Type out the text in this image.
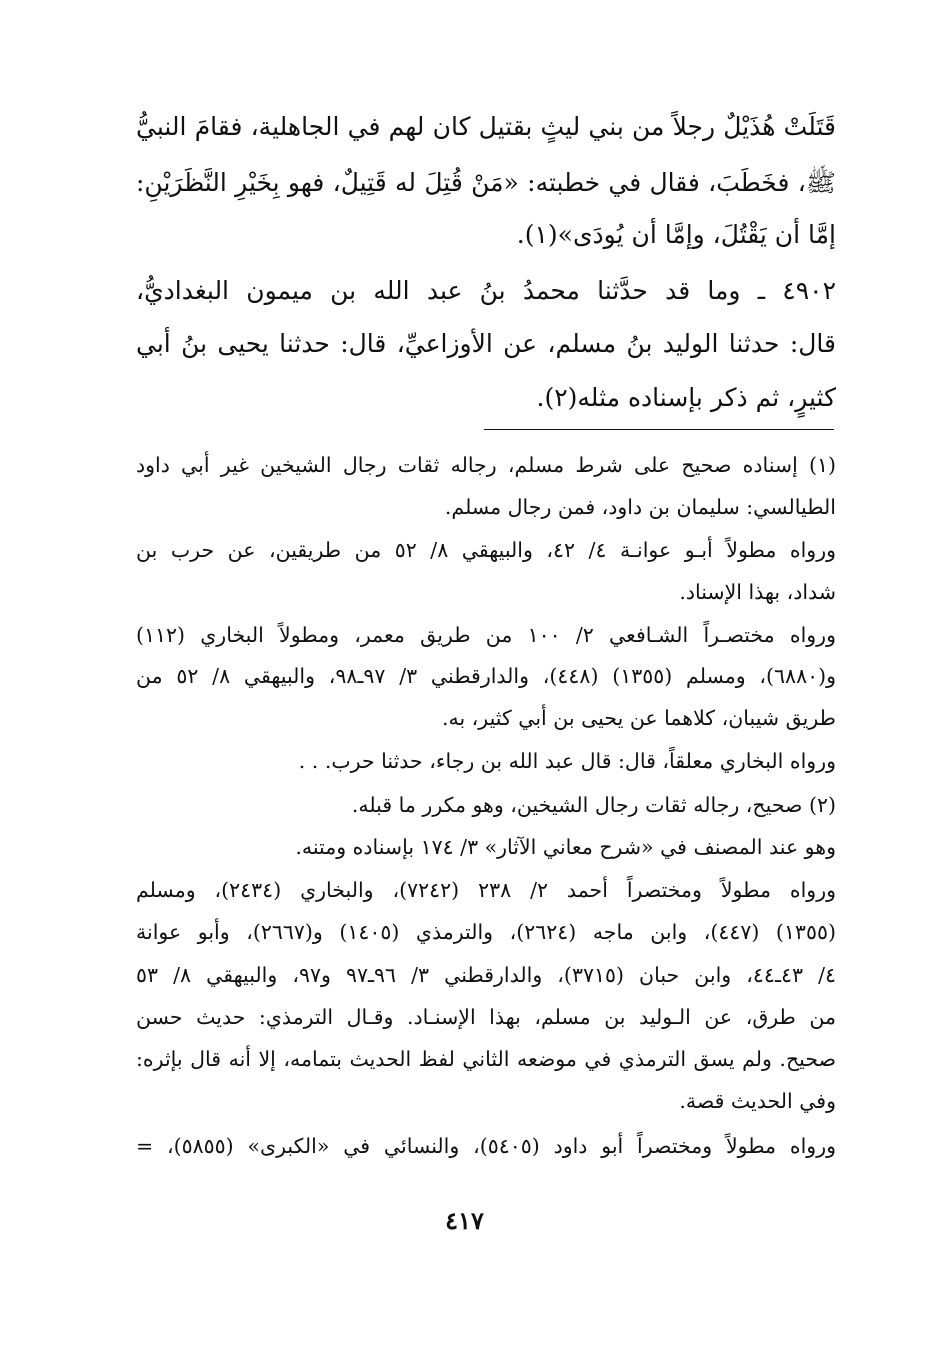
قَتَلَتْ هُذَيْلٌ رجلاً من بني ليثٍ بقتيل كان لهم في الجاهلية، فقامَ النبيُّ
ﷺ، فخَطَبَ، فقال في خطبته: «مَنْ قُتِلَ له قَتِيلٌ، فهو بِخَيْرِ النَّظَرَيْنِ:
إمَّا أن يَقْتُلَ، وإمَّا أن يُودَى»(١).
٤٩٠٢ ـ وما قد حدَّثنا محمدُ بنُ عبد الله بن ميمون البغداديُّ،
قال: حدثنا الوليد بنُ مسلم، عن الأوزاعيِّ، قال: حدثنا يحيى بنُ أبي
كثيرٍ، ثم ذكر بإسناده مثله(٢).
(١) إسناده صحيح على شرط مسلم، رجاله ثقات رجال الشيخين غير أبي داود
الطيالسي: سليمان بن داود، فمن رجال مسلم.
ورواه مطولاً أبـو عوانـة ٤/ ٤٢، والبيهقي ٨/ ٥٢ من طريقين، عن حرب بن
شداد، بهذا الإسناد.
ورواه مختصـراً الشـافعي ٢/ ١٠٠ من طريق معمر، ومطولاً البخاري (١١٢)
و(٦٨٨٠)، ومسلم (١٣٥٥) (٤٤٨)، والدارقطني ٣/ ٩٧ـ٩٨، والبيهقي ٨/ ٥٢ من
طريق شيبان، كلاهما عن يحيى بن أبي كثير، به.
ورواه البخاري معلقاً، قال: قال عبد الله بن رجاء، حدثنا حرب. . .
(٢) صحيح، رجاله ثقات رجال الشيخين، وهو مكرر ما قبله.
وهو عند المصنف في «شرح معاني الآثار» ٣/ ١٧٤ بإسناده ومتنه.
ورواه مطولاً ومختصراً أحمد ٢/ ٢٣٨ (٧٢٤٢)، والبخاري (٢٤٣٤)، ومسلم
(١٣٥٥) (٤٤٧)، وابن ماجه (٢٦٢٤)، والترمذي (١٤٠٥) و(٢٦٦٧)، وأبو عوانة
٤/ ٤٣ـ٤٤، وابن حبان (٣٧١٥)، والدارقطني ٣/ ٩٦ـ٩٧ و٩٧، والبيهقي ٨/ ٥٣
من طرق، عن الـوليد بن مسلم، بهذا الإسنـاد. وقـال الترمذي: حديث حسن
صحيح. ولم يسق الترمذي في موضعه الثاني لفظ الحديث بتمامه، إلا أنه قال بإثره:
وفي الحديث قصة.
ورواه مطولاً ومختصراً أبو داود (٥٤٠٥)، والنسائي في «الكبرى» (٥٨٥٥)، =
٤١٧
